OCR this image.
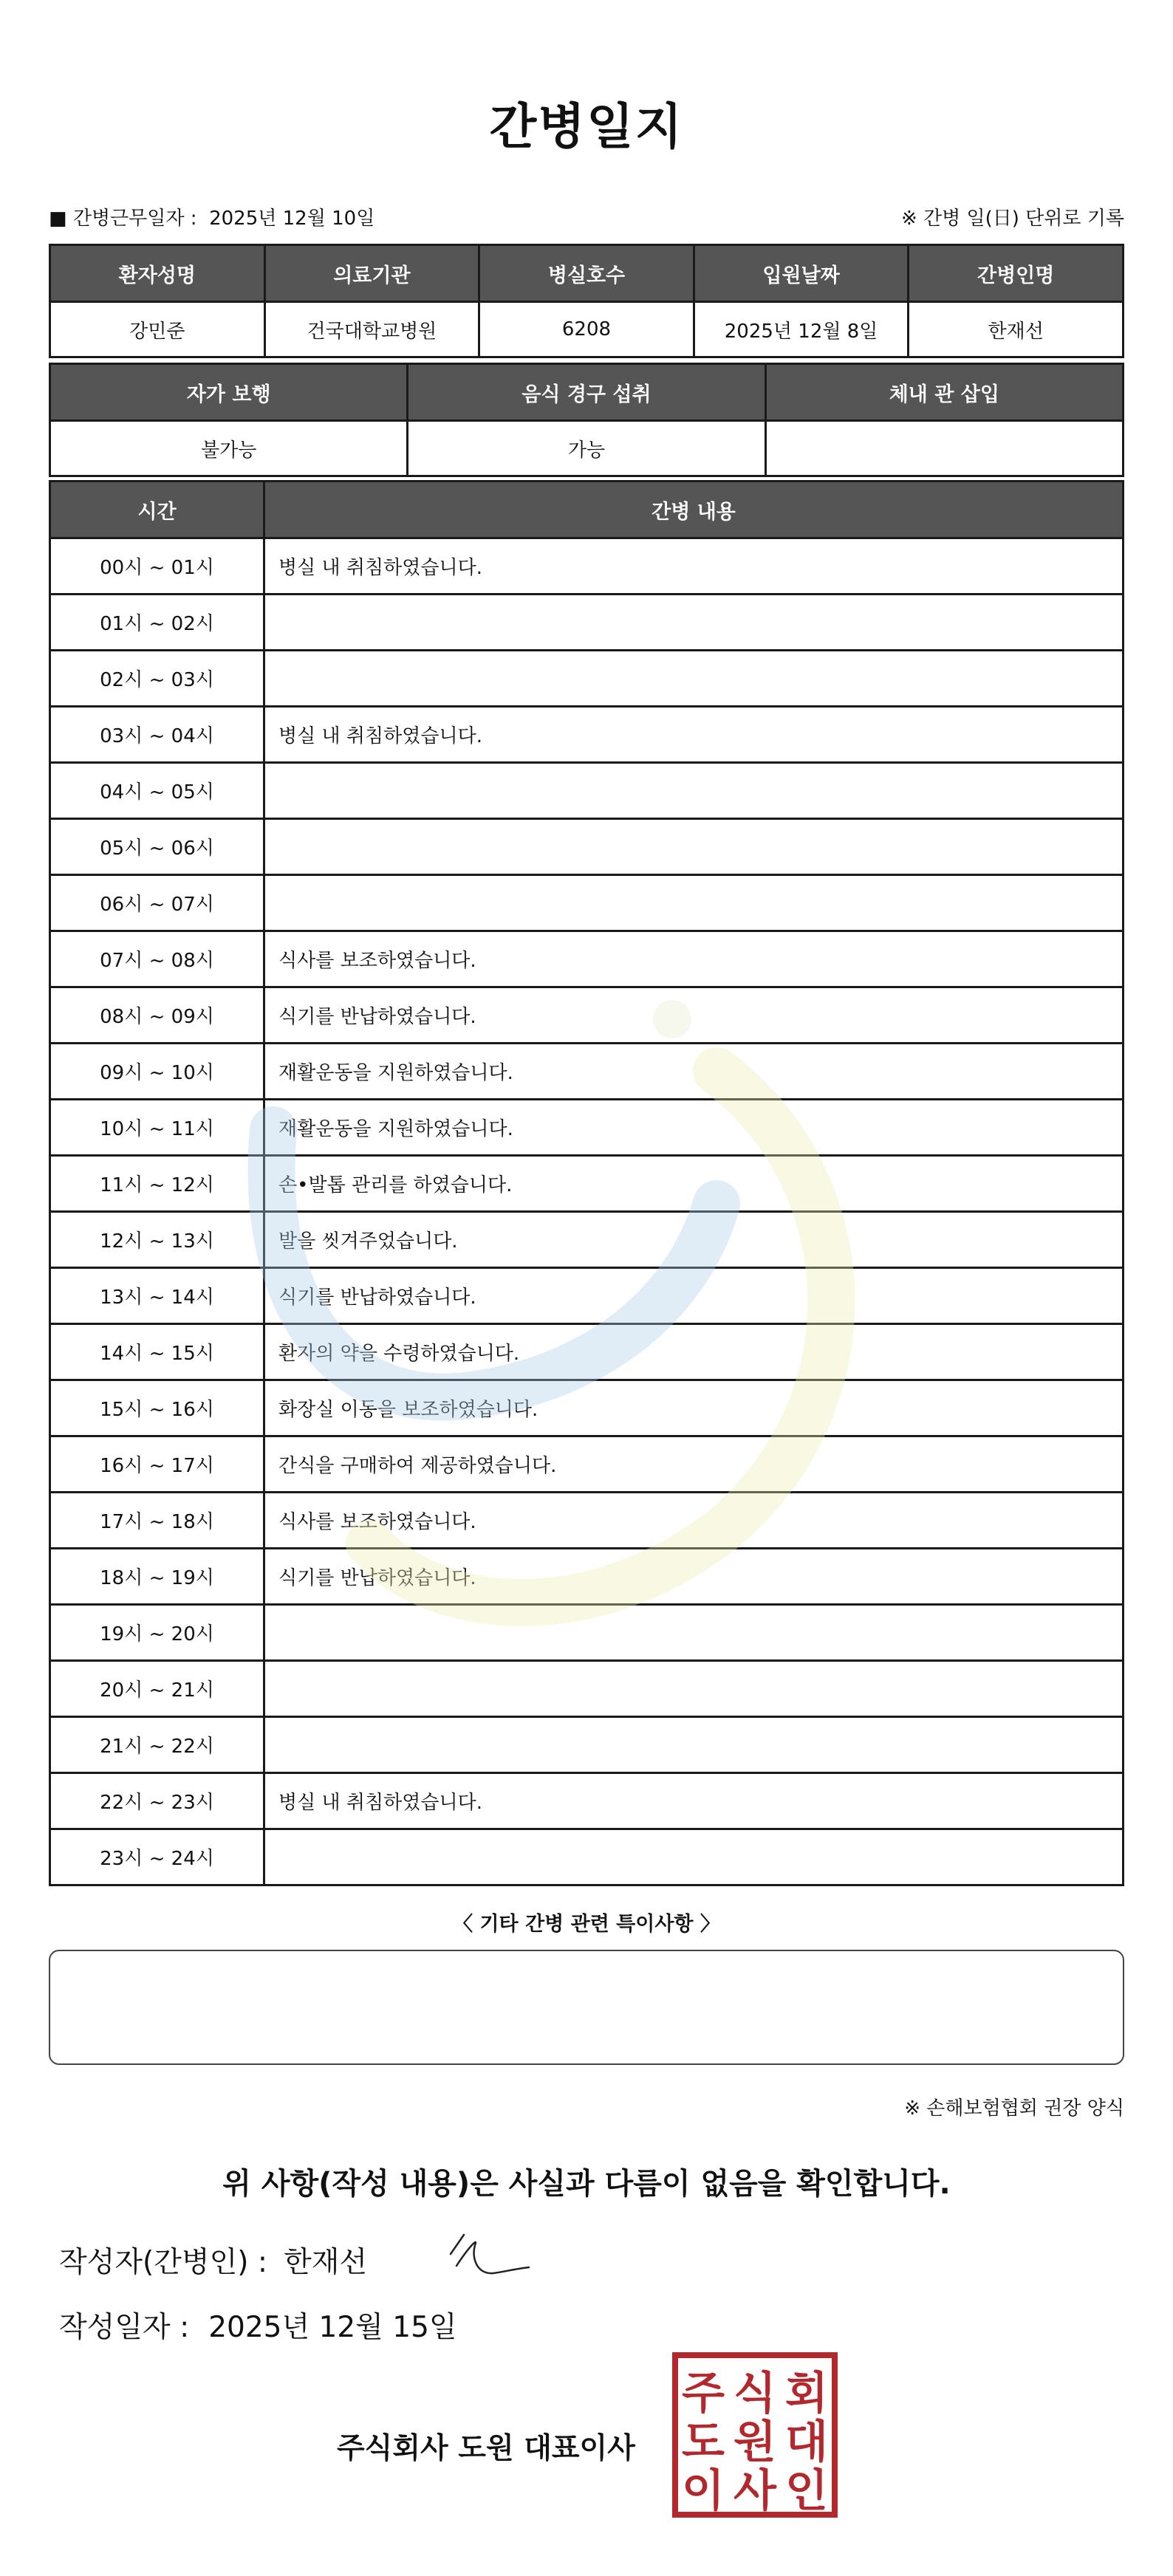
간병일지
■ 간병근무일자 : 2025년 12월 10일	※ 간병 일(日) 단위로 기록
환자성명	의료기관	병실호수	입원날짜	간병인명
강민준	건국대학교병원	6208	2025년 12월 8일	한재선
자가 보행	음식 경구 섭취	체내 관 삽입
불가능	가능	
시간	간병 내용
00시 ~ 01시	병실 내 취침하였습니다.
01시 ~ 02시	
02시 ~ 03시	
03시 ~ 04시	병실 내 취침하였습니다.
04시 ~ 05시	
05시 ~ 06시	
06시 ~ 07시	
07시 ~ 08시	식사를 보조하였습니다.
08시 ~ 09시	식기를 반납하였습니다.
09시 ~ 10시	재활운동을 지원하였습니다.
10시 ~ 11시	재활운동을 지원하였습니다.
11시 ~ 12시	손•발톱 관리를 하였습니다.
12시 ~ 13시	발을 씻겨주었습니다.
13시 ~ 14시	식기를 반납하였습니다.
14시 ~ 15시	환자의 약을 수령하였습니다.
15시 ~ 16시	화장실 이동을 보조하였습니다.
16시 ~ 17시	간식을 구매하여 제공하였습니다.
17시 ~ 18시	식사를 보조하였습니다.
18시 ~ 19시	식기를 반납하였습니다.
19시 ~ 20시	
20시 ~ 21시	
21시 ~ 22시	
22시 ~ 23시	병실 내 취침하였습니다.
23시 ~ 24시	
〈 기타 간병 관련 특이사항 〉
※ 손해보험협회 권장 양식
위 사항(작성 내용)은 사실과 다름이 없음을 확인합니다.
작성자(간병인) : 한재선
작성일자 : 2025년 12월 15일
주식회사 도원 대표이사
주 식 회
도 원 대
이 사 인
